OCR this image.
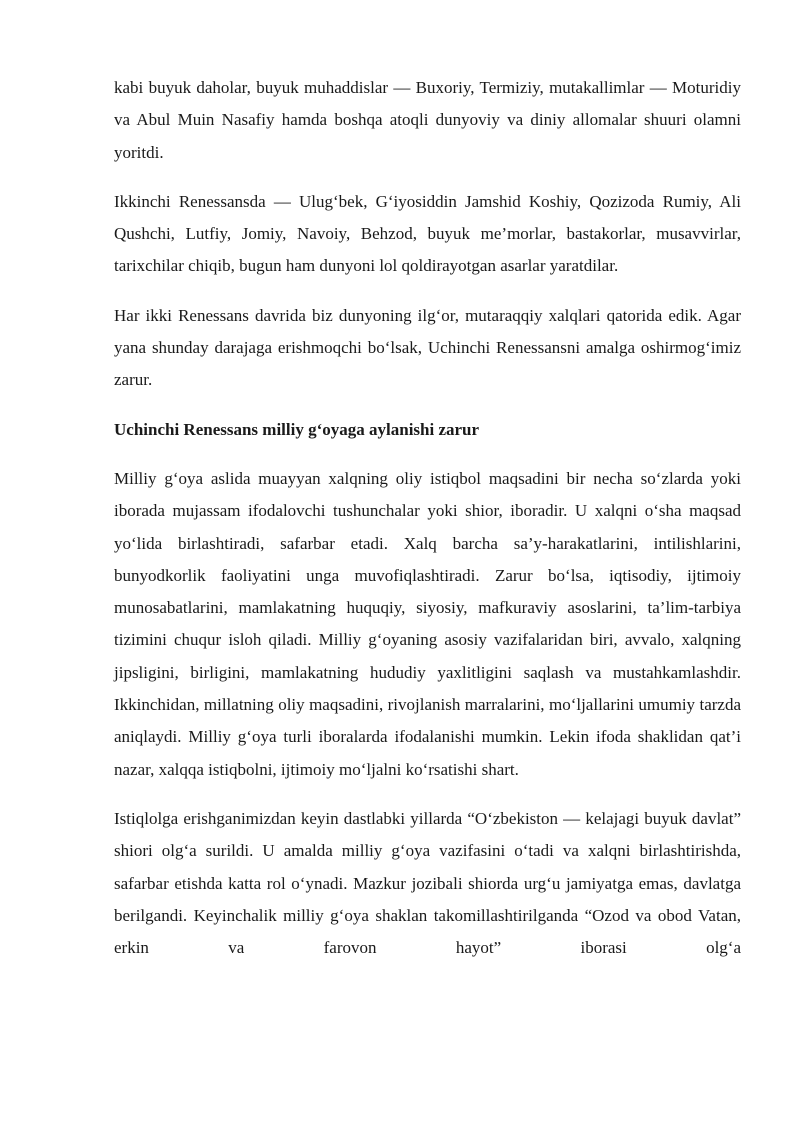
kabi buyuk daholar, buyuk muhaddislar — Buxoriy, Termiziy, mutakallimlar — Moturidiy va Abul Muin Nasafiy hamda boshqa atoqli dunyoviy va diniy allomalar shuuri olamni yoritdi.

Ikkinchi Renessansda — Ulug‘bek, G‘iyosiddin Jamshid Koshiy, Qozizoda Rumiy, Ali Qushchi, Lutfiy, Jomiy, Navoiy, Behzod, buyuk me’morlar, bastakorlar, musavvirlar, tarixchilar chiqib, bugun ham dunyoni lol qoldirayotgan asarlar yaratdilar.

Har ikki Renessans davrida biz dunyoning ilg‘or, mutaraqqiy xalqlari qatorida edik. Agar yana shunday darajaga erishmoqchi bo‘lsak, Uchinchi Renessansni amalga oshirmog‘imiz zarur.

Uchinchi Renessans milliy g‘oyaga aylanishi zarur

Milliy g‘oya aslida muayyan xalqning oliy istiqbol maqsadini bir necha so‘zlarda yoki iborada mujassam ifodalovchi tushunchalar yoki shior, iboradir. U xalqni o‘sha maqsad yo‘lida birlashtiradi, safarbar etadi. Xalq barcha sa’y-harakatlarini, intilishlarini, bunyodkorlik faoliyatini unga muvofiqlashtiradi. Zarur bo‘lsa, iqtisodiy, ijtimoiy munosabatlarini, mamlakatning huquqiy, siyosiy, mafkuraviy asoslarini, ta’lim-tarbiya tizimini chuqur isloh qiladi. Milliy g‘oyaning asosiy vazifalaridan biri, avvalo, xalqning jipsligini, birligini, mamlakatning hududiy yaxlitligini saqlash va mustahkamlashdir. Ikkinchidan, millatning oliy maqsadini, rivojlanish marralarini, mo‘ljallarini umumiy tarzda aniqlaydi. Milliy g‘oya turli iboralarda ifodalanishi mumkin. Lekin ifoda shaklidan qat’i nazar, xalqqa istiqbolni, ijtimoiy mo‘ljalni ko‘rsatishi shart.

Istiqlolga erishganimizdan keyin dastlabki yillarda “O‘zbekiston — kelajagi buyuk davlat” shiori olg‘a surildi. U amalda milliy g‘oya vazifasini o‘tadi va xalqni birlashtirishda, safarbar etishda katta rol o‘ynadi. Mazkur jozibali shiorda urg‘u jamiyatga emas, davlatga berilgandi. Keyinchalik milliy g‘oya shaklan takomillashtirilganda “Ozod va obod Vatan, erkin va farovon hayot” iborasi olg‘a
